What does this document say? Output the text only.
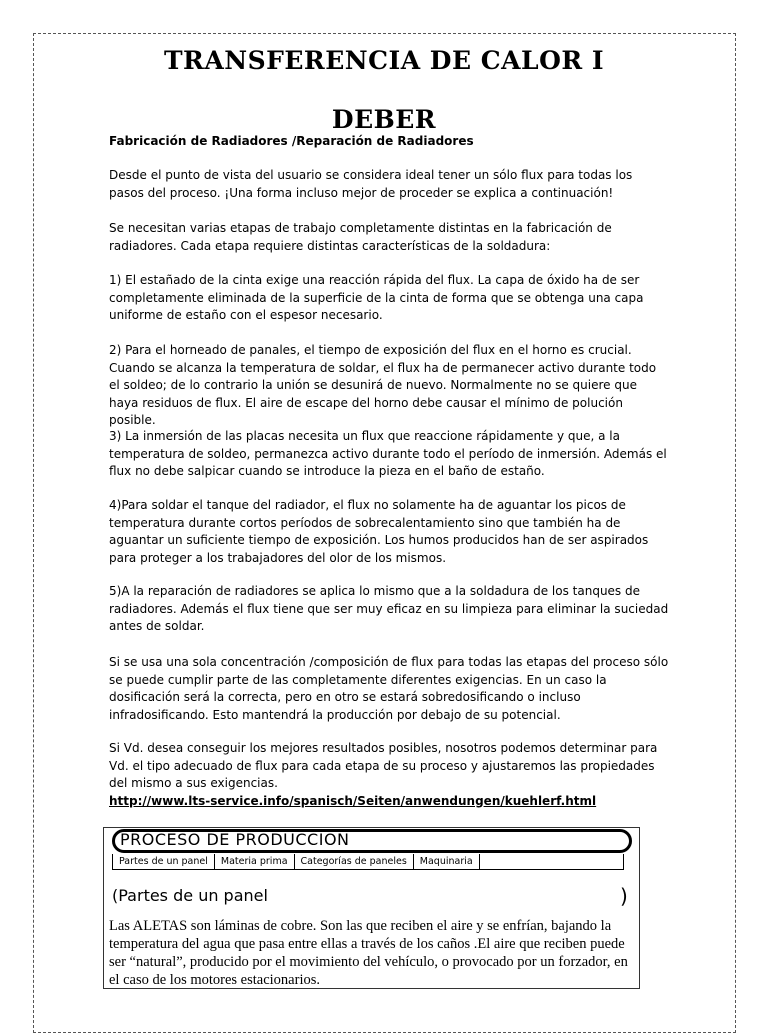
TRANSFERENCIA DE CALOR I
DEBER
Fabricación de Radiadores /Reparación de Radiadores
Desde el punto de vista del usuario se considera ideal tener un sólo flux para todas los pasos del proceso. ¡Una forma incluso mejor de proceder se explica a continuación!
Se necesitan varias etapas de trabajo completamente distintas en la fabricación de radiadores. Cada etapa requiere distintas características de la soldadura:
1) El estañado de la cinta exige una reacción rápida del flux. La capa de óxido ha de ser completamente eliminada de la superficie de la cinta de forma que se obtenga una capa uniforme de estaño con el espesor necesario.
2) Para el horneado de panales, el tiempo de exposición del flux en el horno es crucial. Cuando se alcanza la temperatura de soldar, el flux ha de permanecer activo durante todo el soldeo; de lo contrario la unión se desunirá de nuevo. Normalmente no se quiere que haya residuos de flux. El aire de escape del horno debe causar el mínimo de polución posible.
3) La inmersión de las placas necesita un flux que reaccione rápidamente y que, a la temperatura de soldeo, permanezca activo durante todo el período de inmersión. Además el flux no debe salpicar cuando se introduce la pieza en el baño de estaño.
4)Para soldar el tanque del radiador, el flux no solamente ha de aguantar los picos de temperatura durante cortos períodos de sobrecalentamiento sino que también ha de aguantar un suficiente tiempo de exposición. Los humos producidos han de ser aspirados para proteger a los trabajadores del olor de los mismos.
5)A la reparación de radiadores se aplica lo mismo que a la soldadura de los tanques de radiadores. Además el flux tiene que ser muy eficaz en su limpieza para eliminar la suciedad antes de soldar.
Si se usa una sola concentración /composición de flux para todas las etapas del proceso sólo se puede cumplir parte de las completamente diferentes exigencias. En un caso la dosificación será la correcta, pero en otro se estará sobredosificando o incluso infradosificando. Esto mantendrá la producción por debajo de su potencial.
Si Vd. desea conseguir los mejores resultados posibles, nosotros podemos determinar para Vd. el tipo adecuado de flux para cada etapa de su proceso y ajustaremos las propiedades del mismo a sus exigencias.
http://www.lts-service.info/spanisch/Seiten/anwendungen/kuehlerf.html
PROCESO DE PRODUCCIÓN
Partes de un panel	Materia prima	Categorías de paneles	Maquinaria
(Partes de un panel	)
Las ALETAS son láminas de cobre. Son las que reciben el aire y se enfrían, bajando la temperatura del agua que pasa entre ellas a través de los caños .El aire que reciben puede ser “natural”, producido por el movimiento del vehículo, o provocado por un forzador, en el caso de los motores estacionarios.
